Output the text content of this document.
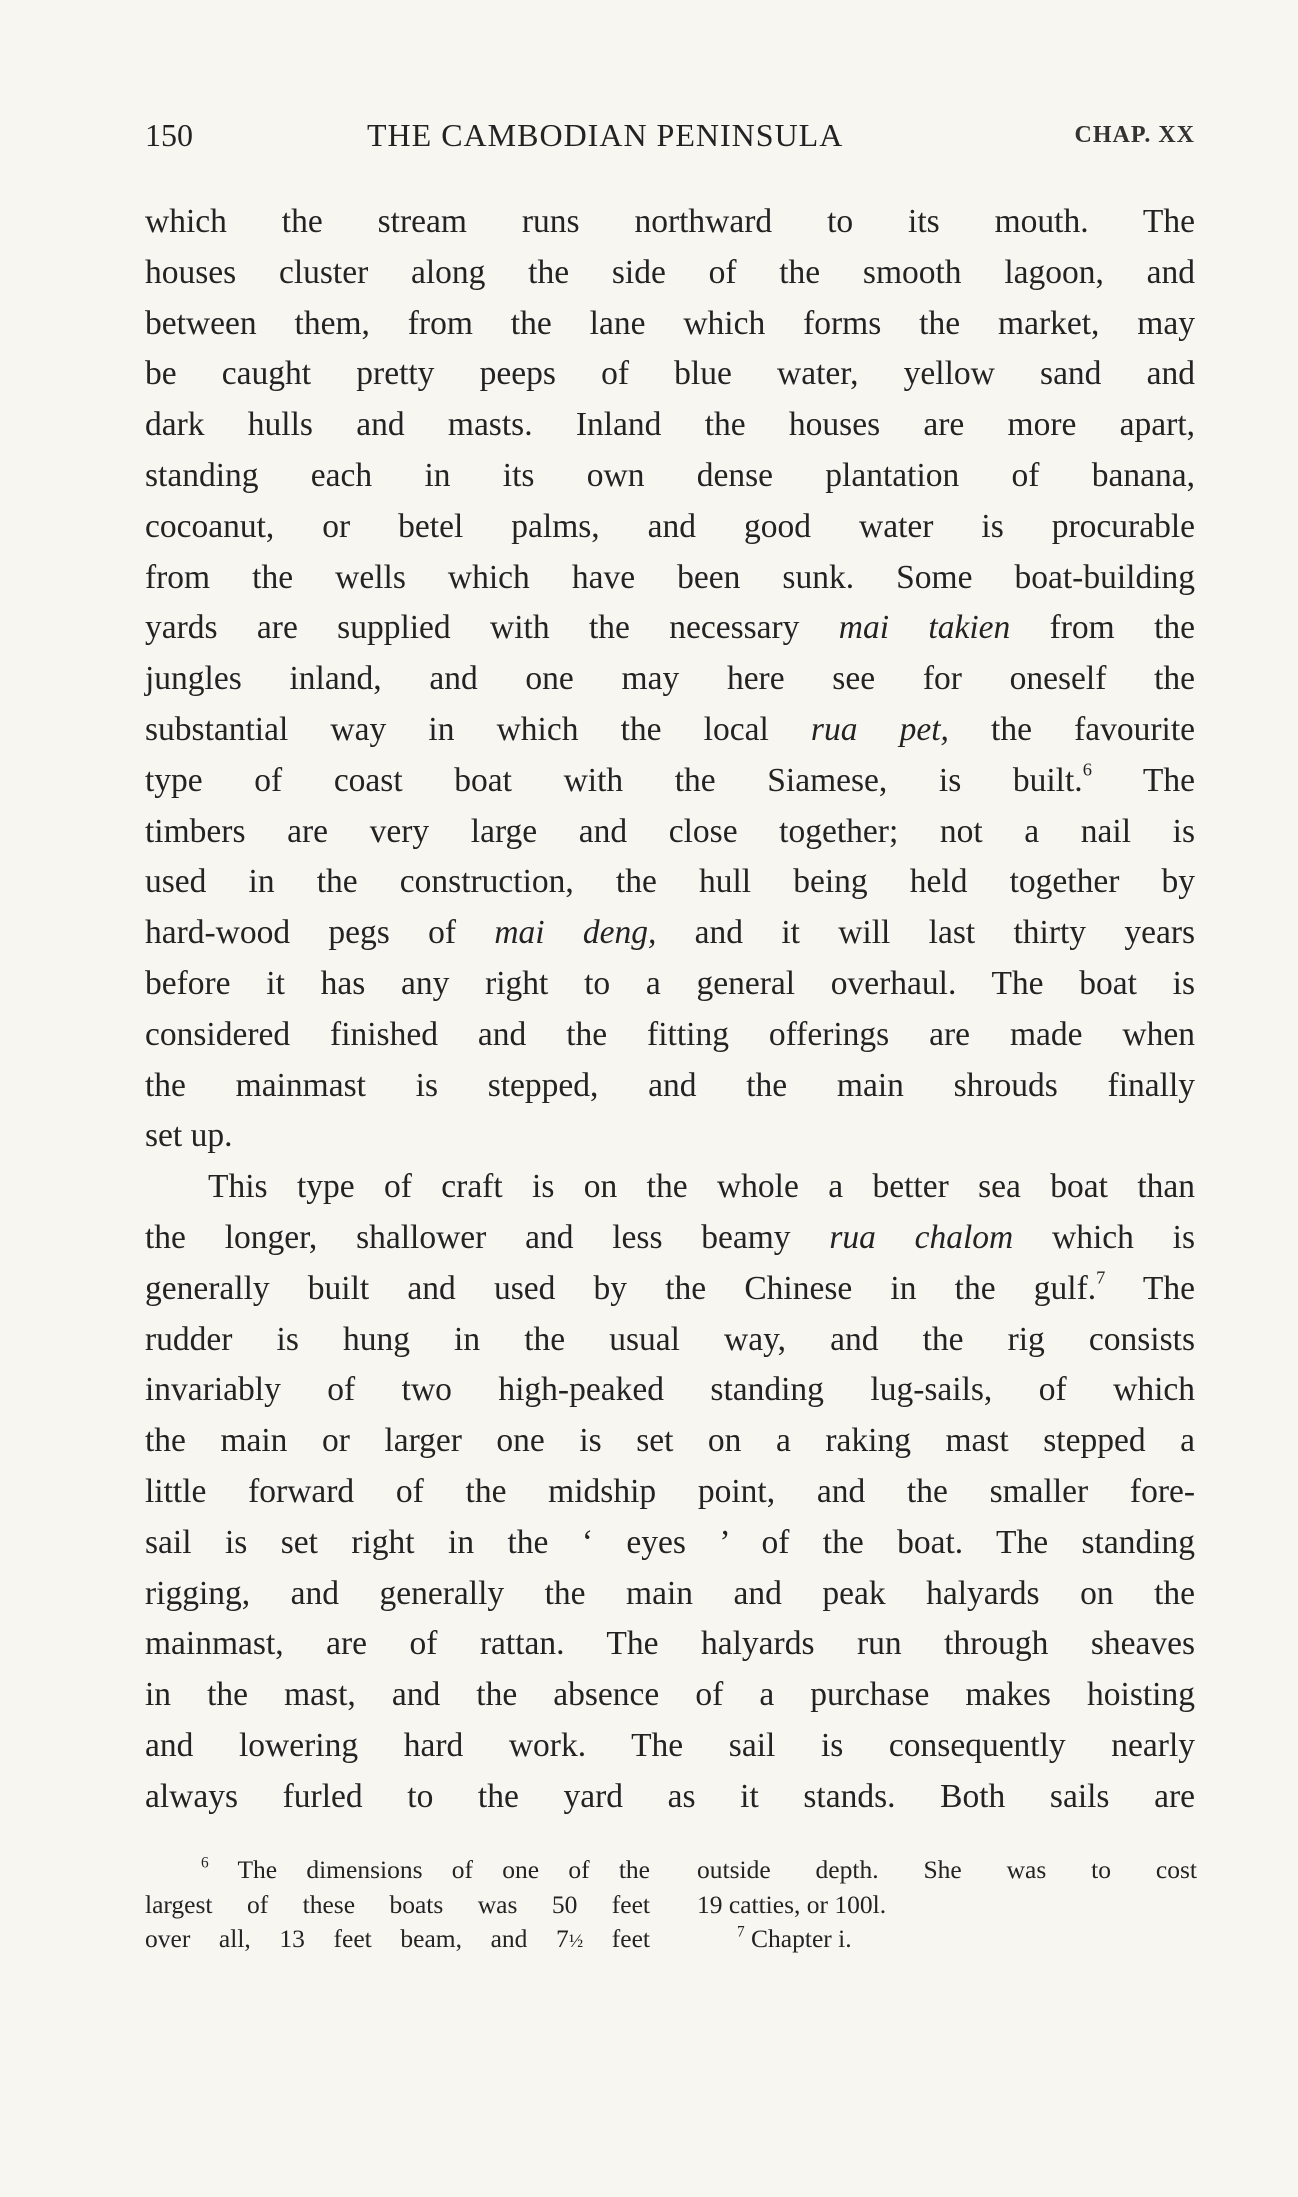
150	THE CAMBODIAN PENINSULA	CHAP. XX
which the stream runs northward to its mouth. The
houses cluster along the side of the smooth lagoon, and
between them, from the lane which forms the market, may
be caught pretty peeps of blue water, yellow sand and
dark hulls and masts. Inland the houses are more apart,
standing each in its own dense plantation of banana,
cocoanut, or betel palms, and good water is procurable
from the wells which have been sunk. Some boat-building
yards are supplied with the necessary mai takien from the
jungles inland, and one may here see for oneself the
substantial way in which the local rua pet, the favourite
type of coast boat with the Siamese, is built.$^6$ The
timbers are very large and close together; not a nail is
used in the construction, the hull being held together by
hard-wood pegs of mai deng, and it will last thirty years
before it has any right to a general overhaul. The boat is
considered finished and the fitting offerings are made when
the mainmast is stepped, and the main shrouds finally
set up.
This type of craft is on the whole a better sea boat than
the longer, shallower and less beamy rua chalom which is
generally built and used by the Chinese in the gulf.$^7$ The
rudder is hung in the usual way, and the rig consists
invariably of two high-peaked standing lug-sails, of which
the main or larger one is set on a raking mast stepped a
little forward of the midship point, and the smaller fore-
sail is set right in the ‘ eyes ’ of the boat. The standing
rigging, and generally the main and peak halyards on the
mainmast, are of rattan. The halyards run through sheaves
in the mast, and the absence of a purchase makes hoisting
and lowering hard work. The sail is consequently nearly
always furled to the yard as it stands. Both sails are
$^6$ The dimensions of one of the
largest of these boats was 50 feet
over all, 13 feet beam, and 7½ feet
outside depth. She was to cost
19 catties, or 100l.
$^7$ Chapter i.
